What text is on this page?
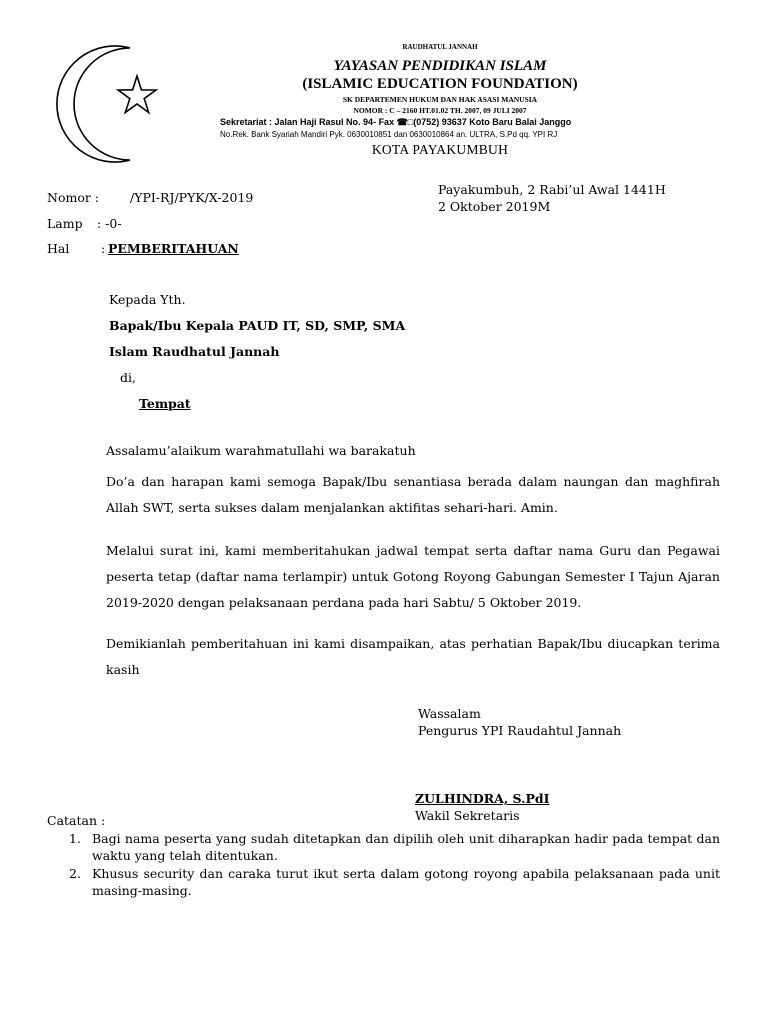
RAUDHATUL JANNAH
YAYASAN PENDIDIKAN ISLAM
(ISLAMIC EDUCATION FOUNDATION)
SK DEPARTEMEN HUKUM DAN HAK ASASI MANUSIA
NOMOR : C – 2160 HT.01.02 TH. 2007, 09 JULI 2007
Sekretariat : Jalan Haji Rasul No. 94- Fax ☎□(0752) 93637 Koto Baru Balai Janggo
No.Rek. Bank Syariah Mandiri Pyk. 0630010851 dan 0630010864 an. ULTRA, S.Pd qq. YPI RJ
KOTA PAYAKUMBUH
Nomor : /YPI-RJ/PYK/X-2019
Lamp : -0-
Hal	: PEMBERITAHUAN
Payakumbuh, 2 Rabi’ul Awal 1441H
2 Oktober 2019M
Kepada Yth.
Bapak/Ibu Kepala PAUD IT, SD, SMP, SMA
Islam Raudhatul Jannah
di,
Tempat
Assalamu’alaikum warahmatullahi wa barakatuh
Do’a dan harapan kami semoga Bapak/Ibu senantiasa berada dalam naungan dan maghfirah Allah SWT, serta sukses dalam menjalankan aktifitas sehari-hari. Amin.
Melalui surat ini, kami memberitahukan jadwal tempat serta daftar nama Guru dan Pegawai peserta tetap (daftar nama terlampir) untuk Gotong Royong Gabungan Semester I Tajun Ajaran 2019-2020 dengan pelaksanaan perdana pada hari Sabtu/ 5 Oktober 2019.
Demikianlah pemberitahuan ini kami disampaikan, atas perhatian Bapak/Ibu diucapkan terima kasih
Wassalam
Pengurus YPI Raudahtul Jannah
ZULHINDRA, S.PdI
Wakil Sekretaris
Catatan :
1. Bagi nama peserta yang sudah ditetapkan dan dipilih oleh unit diharapkan hadir pada tempat dan waktu yang telah ditentukan.
2. Khusus security dan caraka turut ikut serta dalam gotong royong apabila pelaksanaan pada unit masing-masing.
